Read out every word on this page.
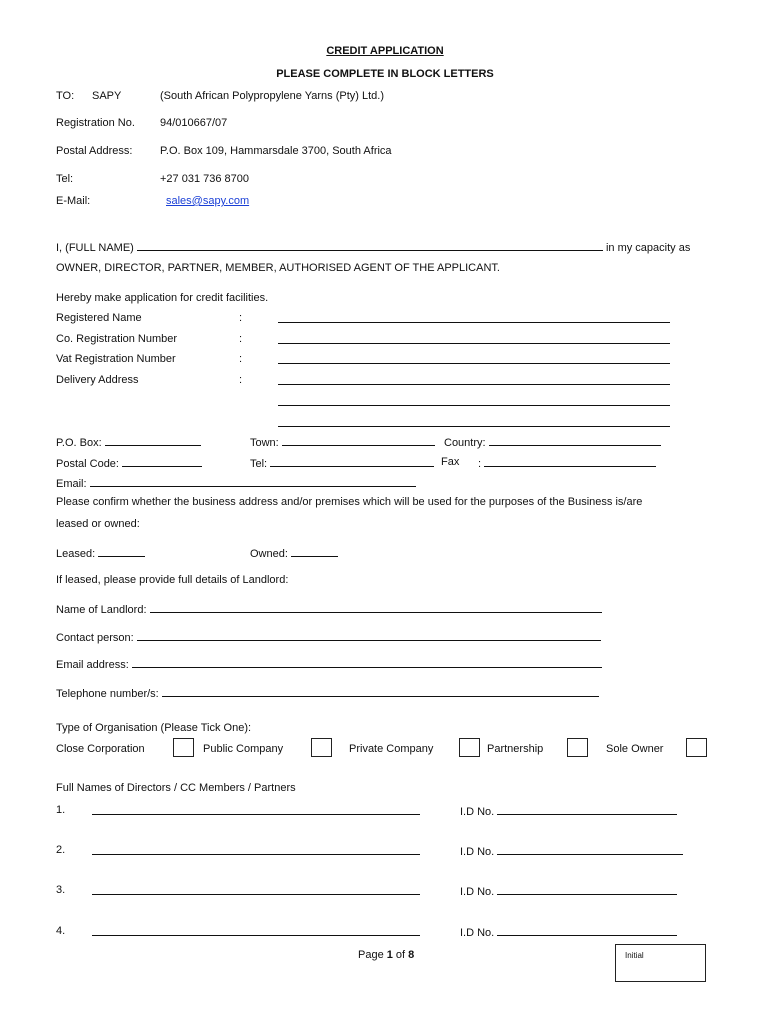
CREDIT APPLICATION
PLEASE COMPLETE IN BLOCK LETTERS
TO: SAPY	(South African Polypropylene Yarns (Pty) Ltd.)
Registration No. 94/010667/07
Postal Address:	P.O. Box 109, Hammarsdale 3700, South Africa
Tel:	+27 031 736 8700
E-Mail:	sales@sapy.com
I, (FULL NAME)	in my capacity as
OWNER, DIRECTOR, PARTNER, MEMBER, AUTHORISED AGENT OF THE APPLICANT.
Hereby make application for credit facilities.
Registered Name	:
Co. Registration Number	:
Vat Registration Number	:
Delivery Address	:
P.O. Box:	Town:	Country:
Postal Code:	Tel:	Fax :
Email:
Please confirm whether the business address and/or premises which will be used for the purposes of the Business is/are
leased or owned:
Leased:	Owned:
If leased, please provide full details of Landlord:
Name of Landlord:
Contact person:
Email address:
Telephone number/s:
Type of Organisation (Please Tick One):
Close Corporation	Public Company	Private Company	Partnership	Sole Owner
Full Names of Directors / CC Members / Partners
1.	I.D No.
2.	I.D No.
3.	I.D No.
4.	I.D No.
Page 1 of 8	Initial
